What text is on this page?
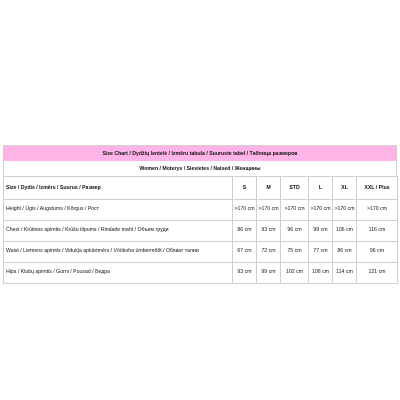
Size Chart / Dydžių lentelė / Izmēru tabula / Suuruste tabel / Таблица размеров
Women / Moterys / Sievietes / Naised / Женщины
Size / Dydis / Izmērs / Suurus / Размер	S	M	STD	L	XL	XXL / Plus
Height / Ūgis / Augstums / Kõrgus / Рост	>170 cm	>170 cm	>170 cm	>170 cm	>170 cm	>170 cm
Chest / Krūtinės apimtis / Krūšu tilpums / Rindade maht / Объем груди	86 cm	93 cm	96 cm	99 cm	106 cm	116 cm
Waist / Liemens apimtis / Vidukļa apkārtmērs / Vöökoha ümbermõõt / Обхват талии	67 cm	72 cm	75 cm	77 cm	86 cm	96 cm
Hips / Klubų apimtis / Gurni / Puusad / Бедра	93 cm	99 cm	102 cm	106 cm	114 cm	121 cm
